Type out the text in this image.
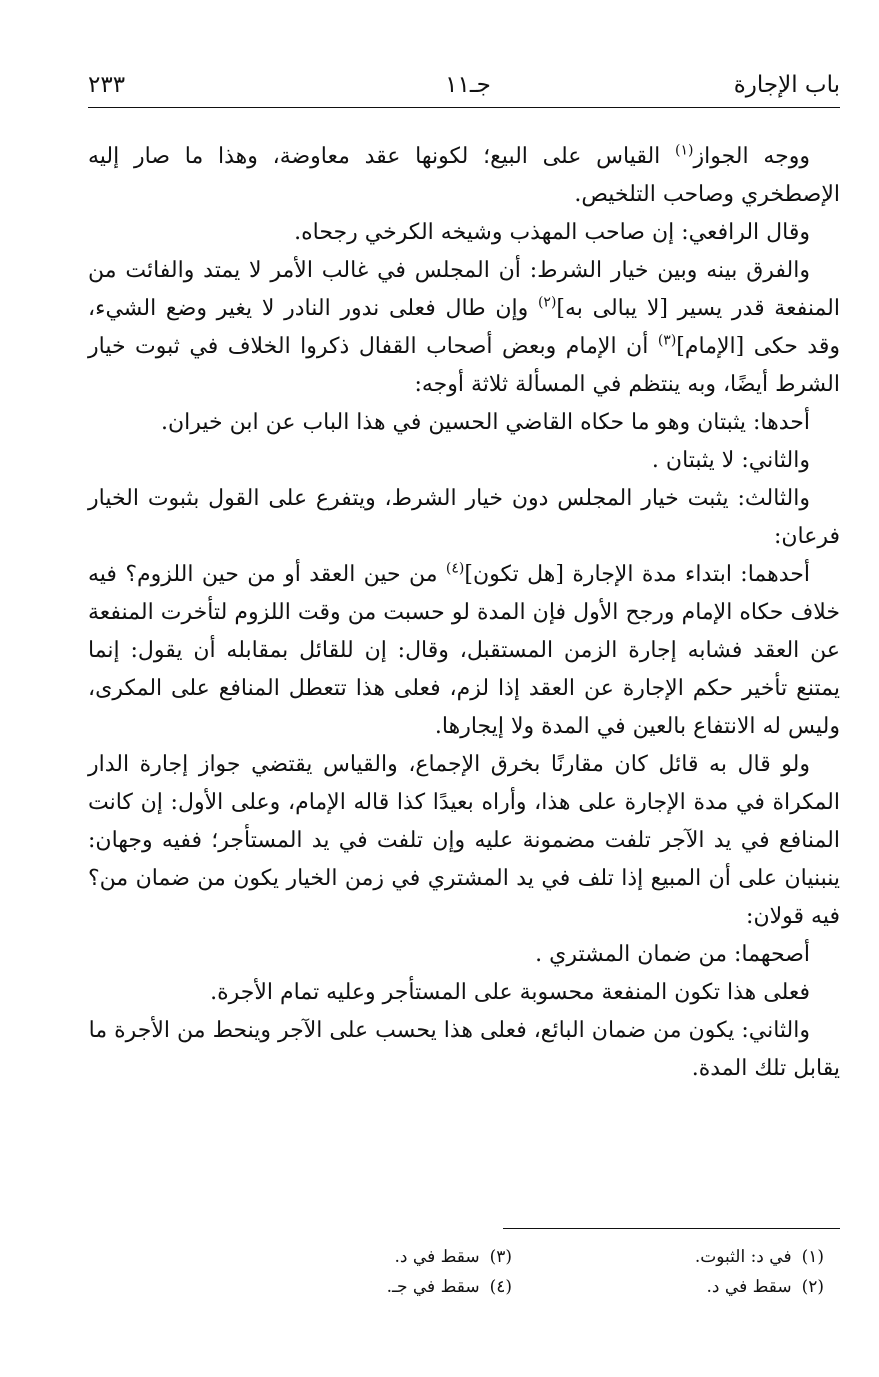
باب الإجارة
جـ١١
٢٣٣

ووجه الجواز$^{(١)}$ القياس على البيع؛ لكونها عقد معاوضة، وهذا ما صار إليه الإصطخري وصاحب التلخيص.

وقال الرافعي: إن صاحب المهذب وشيخه الكرخي رجحاه.

والفرق بينه وبين خيار الشرط: أن المجلس في غالب الأمر لا يمتد والفائت من المنفعة قدر يسير [لا يبالى به]$^{(٢)}$ وإن طال فعلى ندور النادر لا يغير وضع الشيء، وقد حكى [الإمام]$^{(٣)}$ أن الإمام وبعض أصحاب القفال ذكروا الخلاف في ثبوت خيار الشرط أيضًا، وبه ينتظم في المسألة ثلاثة أوجه:

أحدها: يثبتان وهو ما حكاه القاضي الحسين في هذا الباب عن ابن خيران.

والثاني: لا يثبتان .

والثالث: يثبت خيار المجلس دون خيار الشرط، ويتفرع على القول بثبوت الخيار فرعان:

أحدهما: ابتداء مدة الإجارة [هل تكون]$^{(٤)}$ من حين العقد أو من حين اللزوم؟ فيه خلاف حكاه الإمام ورجح الأول فإن المدة لو حسبت من وقت اللزوم لتأخرت المنفعة عن العقد فشابه إجارة الزمن المستقبل، وقال: إن للقائل بمقابله أن يقول: إنما يمتنع تأخير حكم الإجارة عن العقد إذا لزم، فعلى هذا تتعطل المنافع على المكرى، وليس له الانتفاع بالعين في المدة ولا إيجارها.

ولو قال به قائل كان مقارنًا بخرق الإجماع، والقياس يقتضي جواز إجارة الدار المكراة في مدة الإجارة على هذا، وأراه بعيدًا كذا قاله الإمام، وعلى الأول: إن كانت المنافع في يد الآجر تلفت مضمونة عليه وإن تلفت في يد المستأجر؛ ففيه وجهان: ينبنيان على أن المبيع إذا تلف في يد المشتري في زمن الخيار يكون من ضمان من؟ فيه قولان:

أصحهما: من ضمان المشتري .

فعلى هذا تكون المنفعة محسوبة على المستأجر وعليه تمام الأجرة.

والثاني: يكون من ضمان البائع، فعلى هذا يحسب على الآجر وينحط من الأجرة ما يقابل تلك المدة.

(١)في د: الثبوت.
(٢)سقط في د.
(٣)سقط في د.
(٤)سقط في جـ.
